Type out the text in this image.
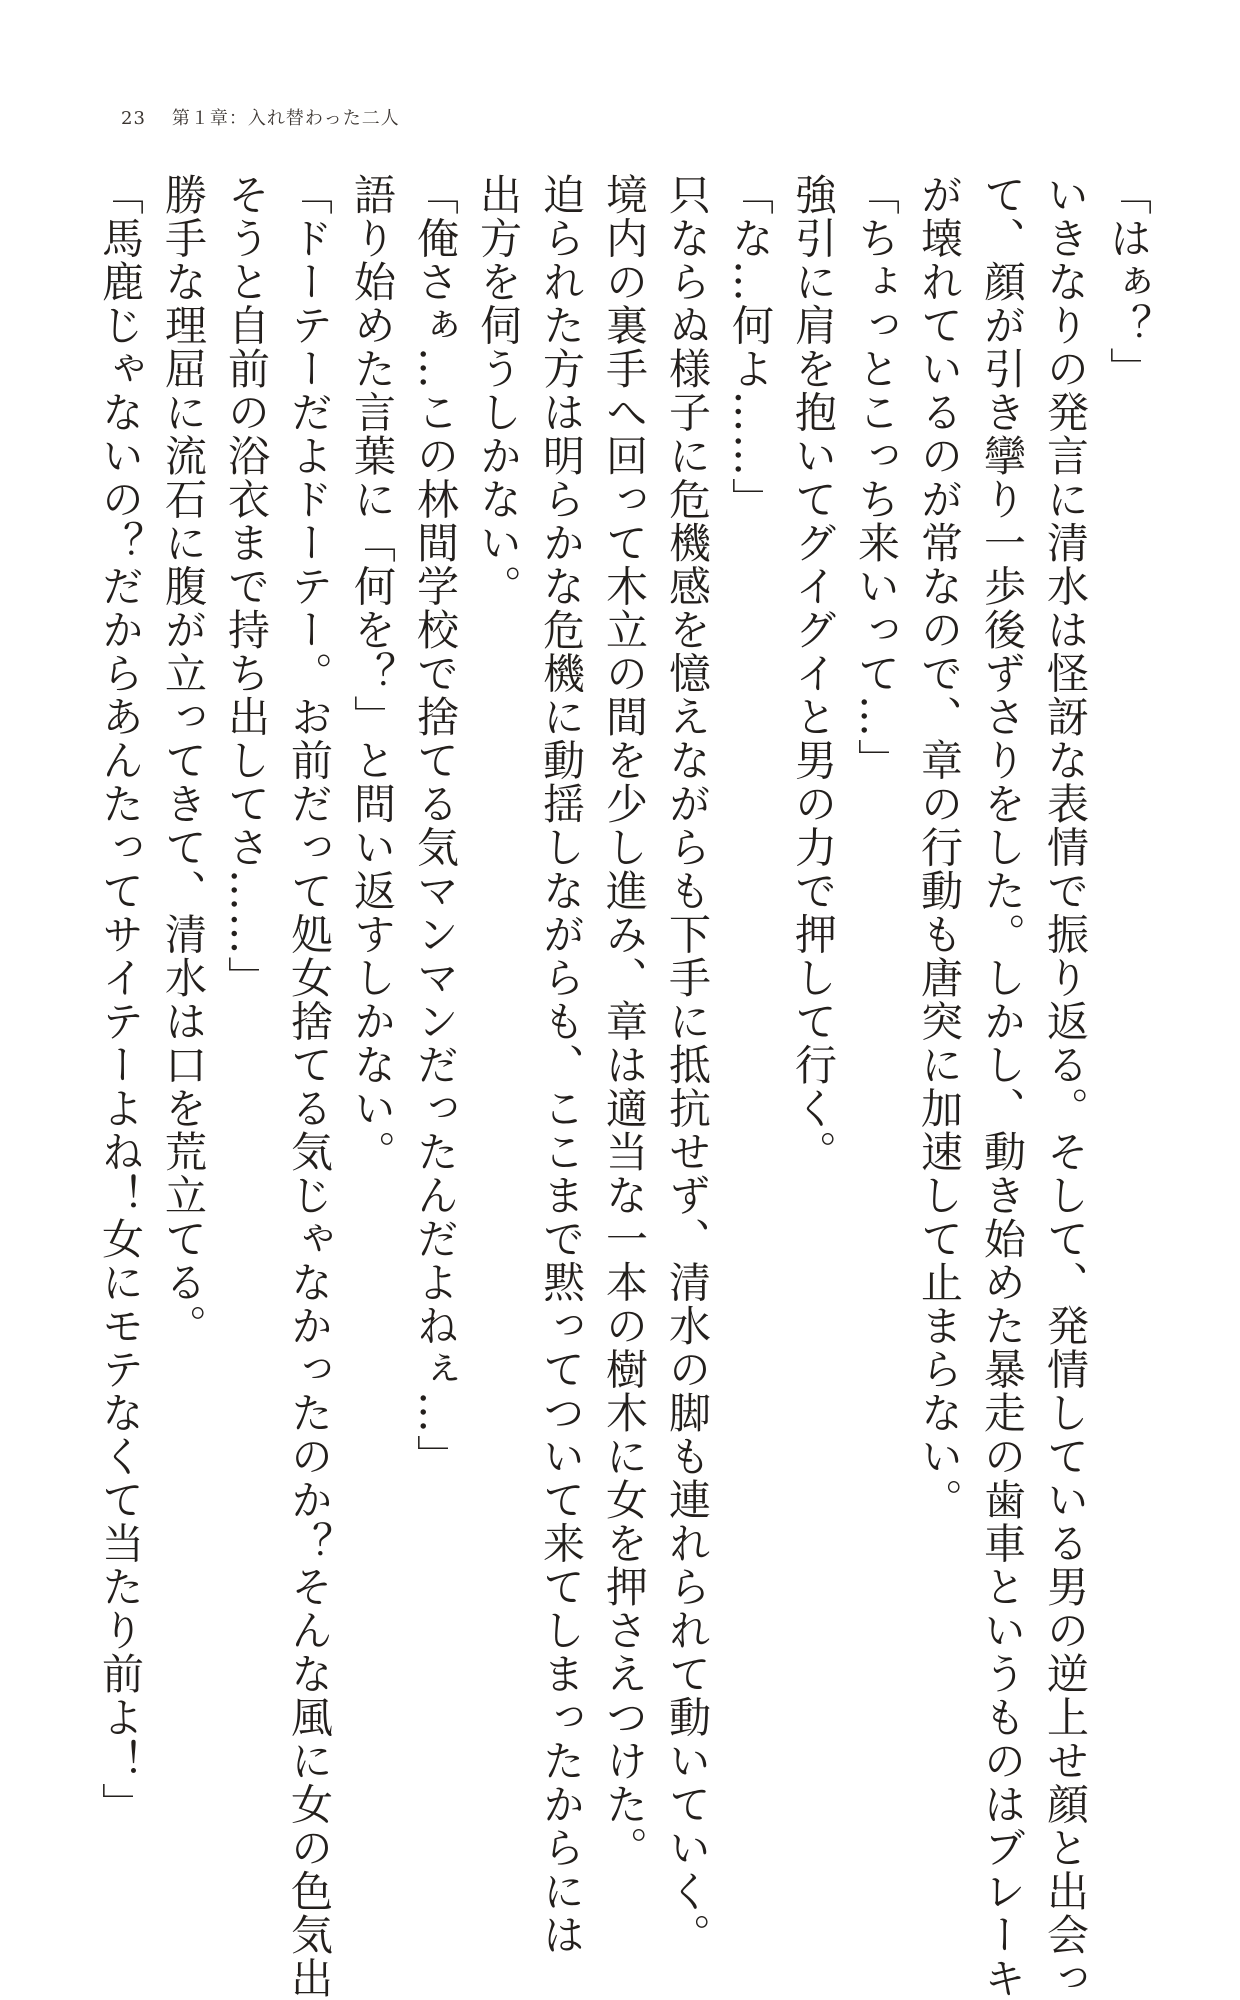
23 第１章：入れ替わった二人

「はぁ？」

いきなりの発言に清水は怪訝な表情で振り返る。そして、発情している男の逆上せ顔と出会っ

て、顔が引き攣り一歩後ずさりをした。しかし、動き始めた暴走の歯車というものはブレーキ

が壊れているのが常なので、章の行動も唐突に加速して止まらない。

「ちょっとこっち来いって…」

強引に肩を抱いてグイグイと男の力で押して行く。

「な…何よ……」

只ならぬ様子に危機感を憶えながらも下手に抵抗せず、清水の脚も連れられて動いていく。

境内の裏手へ回って木立の間を少し進み、章は適当な一本の樹木に女を押さえつけた。

迫られた方は明らかな危機に動揺しながらも、ここまで黙ってついて来てしまったからには

出方を伺うしかない。

「俺さぁ…この林間学校で捨てる気マンマンだったんだよねぇ…」

語り始めた言葉に「何を？」と問い返すしかない。

「ドーテーだよドーテー。お前だって処女捨てる気じゃなかったのか？そんな風に女の色気出

そうと自前の浴衣まで持ち出してさ……」

勝手な理屈に流石に腹が立ってきて、清水は口を荒立てる。

「馬鹿じゃないの？だからあんたってサイテーよね！女にモテなくて当たり前よ！」
